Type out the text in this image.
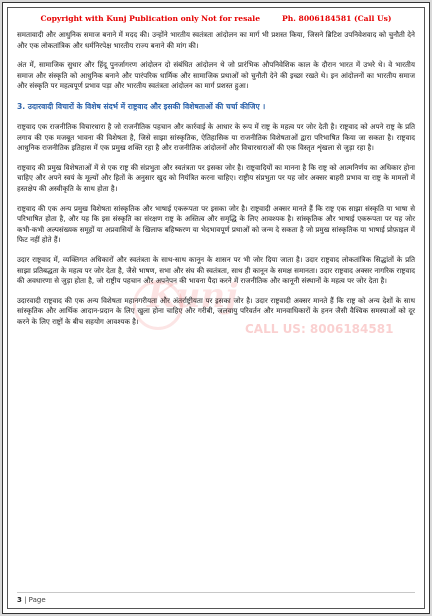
Copyright with Kunj Publication only Not for resale	Ph. 8006184581 (Call Us)
Kunj
CALL US: 8006184581

समतावादी और आधुनिक समाज बनाने में मदद की। उन्होंने भारतीय स्वतंत्रता आंदोलन का मार्ग भी प्रशस्त किया, जिसने ब्रिटिश उपनिवेशवाद को चुनौती देने और एक लोकतांत्रिक और धर्मनिरपेक्ष भारतीय राज्य बनाने की मांग की।

अंत में, सामाजिक सुधार और हिंदू पुनर्जागरण आंदोलन दो संबंधित आंदोलन थे जो प्रारंभिक औपनिवेशिक काल के दौरान भारत में उभरे थे। वे भारतीय समाज और संस्कृति को आधुनिक बनाने और पारंपरिक धार्मिक और सामाजिक प्रथाओं को चुनौती देने की इच्छा रखते थे। इन आंदोलनों का भारतीय समाज और संस्कृति पर महत्वपूर्ण प्रभाव पड़ा और भारतीय स्वतंत्रता आंदोलन का मार्ग प्रशस्त हुआ।

3. उदारवादी विचारों के विशेष संदर्भ में राष्ट्रवाद और इसकी विशेषताओं की चर्चा कीजिए ।

राष्ट्रवाद एक राजनीतिक विचारधारा है जो राजनीतिक पहचान और कार्रवाई के आधार के रूप में राष्ट्र के महत्व पर जोर देती है। राष्ट्रवाद को अपने राष्ट्र के प्रति लगाव की एक मजबूत भावना की विशेषता है, जिसे साझा सांस्कृतिक, ऐतिहासिक या राजनीतिक विशेषताओं द्वारा परिभाषित किया जा सकता है। राष्ट्रवाद आधुनिक राजनीतिक इतिहास में एक प्रमुख शक्ति रहा है और राजनीतिक आंदोलनों और विचारधाराओं की एक विस्तृत शृंखला से जुड़ा रहा है।

राष्ट्रवाद की प्रमुख विशेषताओं में से एक राष्ट्र की संप्रभुता और स्वतंत्रता पर इसका जोर है। राष्ट्रवादियों का मानना है कि राष्ट्र को आत्मनिर्णय का अधिकार होना चाहिए और अपने स्वयं के मूल्यों और हितों के अनुसार खुद को नियंत्रित करना चाहिए। राष्ट्रीय संप्रभुता पर यह जोर अक्सर बाहरी प्रभाव या राष्ट्र के मामलों में हस्तक्षेप की अस्वीकृति के साथ होता है।

राष्ट्रवाद की एक अन्य प्रमुख विशेषता सांस्कृतिक और भाषाई एकरूपता पर इसका जोर है। राष्ट्रवादी अक्सर मानते हैं कि राष्ट्र एक साझा संस्कृति या भाषा से परिभाषित होता है, और यह कि इस संस्कृति का संरक्षण राष्ट्र के अस्तित्व और समृद्धि के लिए आवश्यक है। सांस्कृतिक और भाषाई एकरूपता पर यह जोर कभी-कभी अल्पसंख्यक समूहों या अप्रवासियों के खिलाफ बहिष्करण या भेदभावपूर्ण प्रथाओं को जन्म दे सकता है जो प्रमुख सांस्कृतिक या भाषाई प्रोफ़ाइल में फिट नहीं होते हैं।

उदार राष्ट्रवाद में, व्यक्तिगत अधिकारों और स्वतंत्रता के साथ-साथ कानून के शासन पर भी जोर दिया जाता है। उदार राष्ट्रवाद लोकतांत्रिक सिद्धांतों के प्रति साझा प्रतिबद्धता के महत्व पर जोर देता है, जैसे भाषण, सभा और संघ की स्वतंत्रता, साथ ही कानून के समक्ष समानता। उदार राष्ट्रवाद अक्सर नागरिक राष्ट्रवाद की अवधारणा से जुड़ा होता है, जो राष्ट्रीय पहचान और अपनेपन की भावना पैदा करने में राजनीतिक और कानूनी संस्थानों के महत्व पर जोर देता है।

उदारवादी राष्ट्रवाद की एक अन्य विशेषता महानगरीयता और अंतर्राष्ट्रीयता पर इसका जोर है। उदार राष्ट्रवादी अक्सर मानते हैं कि राष्ट्र को अन्य देशों के साथ सांस्कृतिक और आर्थिक आदान-प्रदान के लिए खुला होना चाहिए और गरीबी, जलवायु परिवर्तन और मानवाधिकारों के हनन जैसी वैश्विक समस्याओं को दूर करने के लिए राष्ट्रों के बीच सहयोग आवश्यक है।

3 | Page
